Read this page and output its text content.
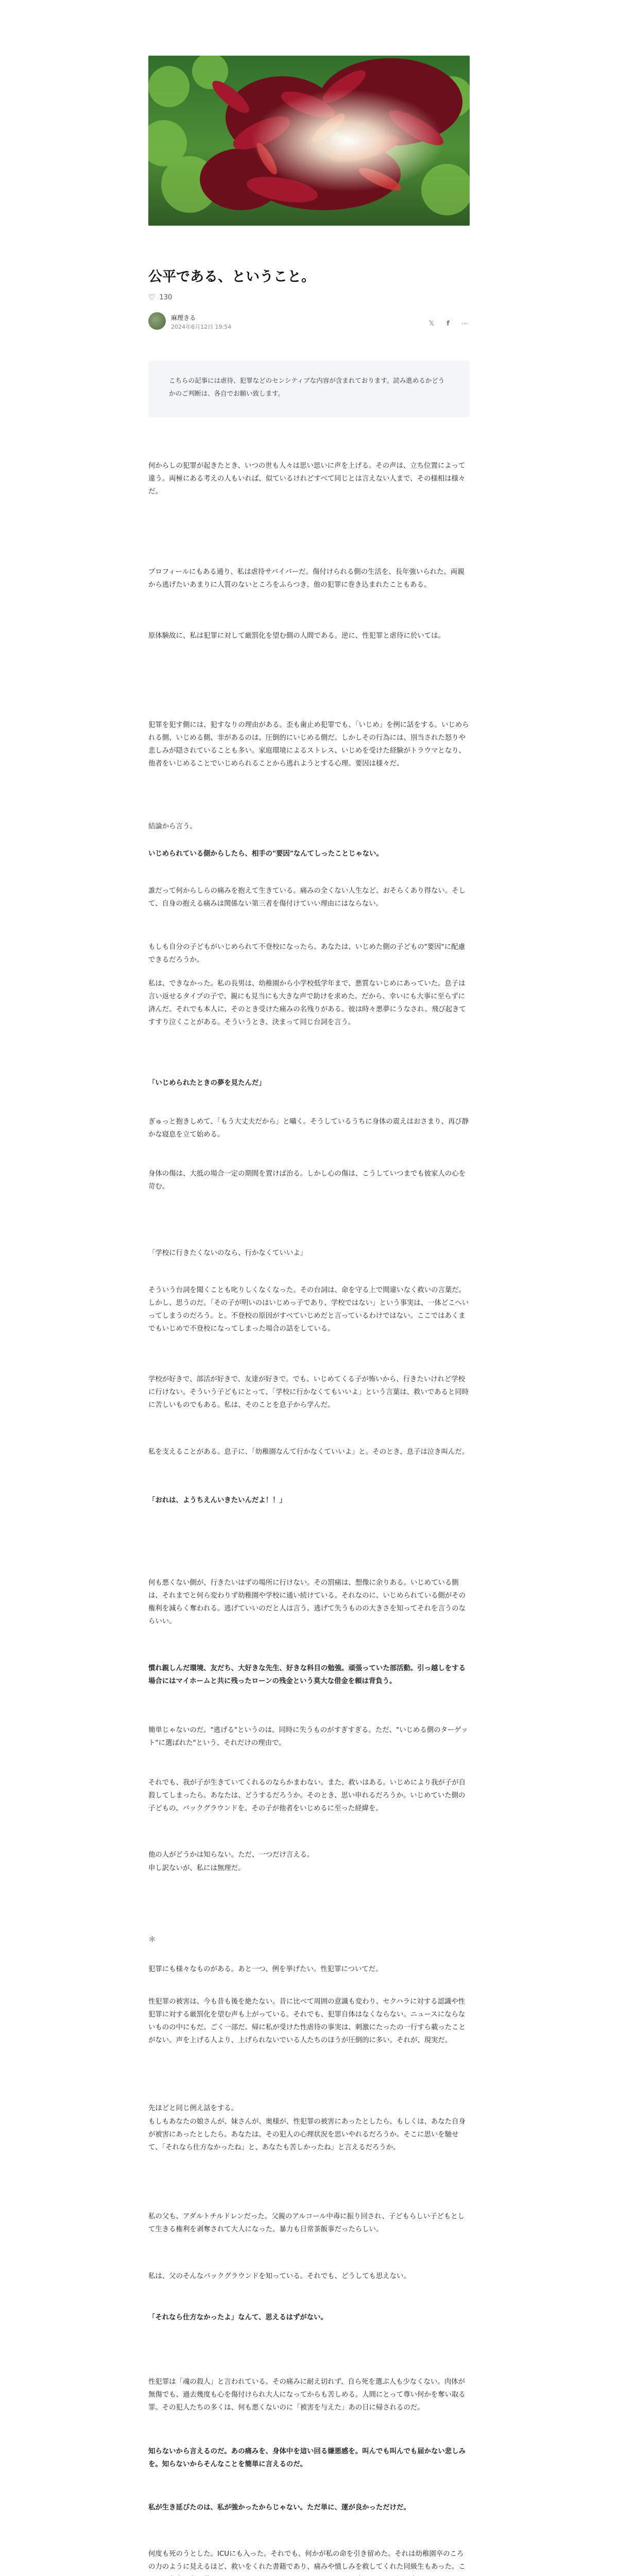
公平である、ということ。
♡ 130
麻理きる
2024年6月12日 19:54	𝕏	f	⋯
こちらの記事には虐待、犯罪などのセンシティブな内容が含まれております。読み進めるかどうかのご判断は、各自でお願い致します。

何からしの犯罪が起きたとき、いつの世も人々は思い思いに声を上げる。その声は、立ち位置によって違う。両極にある考えの人もいれば、似ているけれどすべて同じとは言えない人まで、その様相は様々だ。

プロフィールにもある通り、私は虐待サバイバーだ。傷付けられる側の生活を、長年強いられた。両親から逃げたいあまりに人質のないところをふらつき、他の犯罪に巻き込まれたこともある。

原体験故に、私は犯罪に対して厳罰化を望む側の人間である。逆に、性犯罪と虐待に於いては。

犯罪を犯す側には、犯すなりの理由がある。歪も歯止め犯罪でも、「いじめ」を例に話をする。いじめられる側、いじめる側、非があるのは、圧倒的にいじめる側だ。しかしその行為には、別当された怒りや悲しみが隠されていることも多い。家庭環境によるストレス、いじめを受けた経験がトラウマとなり、他者をいじめることでいじめられることから逃れようとする心理。要因は様々だ。

結論から言う。

いじめられている側からしたら、相手の"要因"なんてしったことじゃない。

誰だって何からしらの痛みを抱えて生きている。痛みの全くない人生など、おそらくあり得ない。そして、自身の抱える痛みは関係ない第三者を傷付けていい理由にはならない。

もしも自分の子どもがいじめられて不登校になったら。あなたは、いじめた側の子どもの"要因"に配慮できるだろうか。

私は、できなかった。私の長男は、幼稚園から小学校低学年まで、悪質ないじめにあっていた。息子は言い返せるタイプの子で、親にも見当にも大きな声で助けを求めた。だから、幸いにも大事に至らずに済んだ。それでも本人に、そのとき受けた痛みの名残りがある。彼は時々悪夢にうなされ、飛び起きてすすり泣くことがある。そういうとき、決まって同じ台詞を言う。

「いじめられたときの夢を見たんだ」

ぎゅっと抱きしめて、「もう大丈夫だから」と囁く。そうしているうちに身体の震えはおさまり、再び静かな寝息を立て始める。

身体の傷は、大抵の場合一定の期間を置けば治る。しかし心の傷は、こうしていつまでも彼家人の心を苛む。

「学校に行きたくないのなら、行かなくていいよ」

そういう台詞を聞くことも叱りしくなくなった。その台詞は、命を守る上で間違いなく救いの言葉だ。しかし、思うのだ。「その子が明いのはいじめっ子であり、学校ではない」という事実は、一体どこへいってしまうのだろう。と。不登校の原因がすべていじめだと言っているわけではない。ここではあくまでもいじめで不登校になってしまった場合の話をしている。

学校が好きで、部活が好きで、友達が好きで。でも、いじめてくる子が怖いから、行きたいけれど学校に行けない。そういう子どもにとって、「学校に行かなくてもいいよ」という言葉は、救いであると同時に苦しいものでもある。私は、そのことを息子から学んだ。

私を支えることがある。息子に、「幼稚園なんて行かなくていいよ」と。そのとき、息子は泣き叫んだ。

「おれは、ようちえんいきたいんだよ！！」

何も悪くない側が、行きたいはずの場所に行けない。その罰痛は、想像に余りある。いじめている側は、それまでと何ら変わりず幼稚園や学校に通い続けている。それなのに、いじめられている側がその権利を減らく奪われる。逃げていいのだと人は言う。逃げて失うものの大きさを知ってそれを言うのならいい。

慣れ親しんだ環境、友だち、大好きな先生、好きな科目の勉強。頑張っていた部活動。引っ越しをする場合にはマイホームと共に残ったローンの残金という莫大な借金を頼は背負う。

簡単じゃないのだ。"逃げる"というのは。同時に失うものがすぎすぎる。ただ、"いじめる側のターゲット"に選ばれた"という、それだけの理由で。

それでも、我が子が生きていてくれるのならかまわない。また、救いはある。いじめにより我が子が自殺してしまったら。あなたは、どうするだろうか。そのとき、思い申れるだろうか。いじめていた側の子どもの、バックグラウンドを。その子が他者をいじめるに至った経緯を。

他の人がどうかは知らない。ただ、一つだけ言える。

申し訳ないが、私には無理だ。

＊

犯罪にも様々なものがある。あと一つ、例を挙げたい。性犯罪についてだ。

性犯罪の被害は、今も昔も後を絶たない。昔に比べて周囲の意識も変わり、セクハラに対する認識や性犯罪に対する厳罰化を望む声も上がっている。それでも、犯罪自体はなくならない。ニュースにならないものの中にもだ。ごく一部だ。帰に私が受けた性虐待の事実は、刺激にたったの一行すら載ったことがない。声を上げる人より、上げられないでいる人たちのほうが圧倒的に多い。それが、現実だ。

先ほどと同じ例え話をする。

もしもあなたの娘さんが、妹さんが、奥様が、性犯罪の被害にあったとしたら。もしくは、あなた自身が被害にあったとしたら。あなたは、その犯人の心理状況を思いやれるだろうか。そこに思いを馳せて、「それなら仕方なかったね」と、あなたも苦しかったね」と言えるだろうか。

私の父も、アダルトチルドレンだった。父親のアルコール中毒に振り回され、子どもらしい子どもとして生きる権利を剥奪されて大人になった。暴力も日常茶飯事だったらしい。

私は、父のそんなバックグラウンドを知っている。それでも、どうしても思えない。

「それなら仕方なかったよ」なんて、思えるはずがない。

性犯罪は「魂の殺人」と言われている。その痛みに耐え切れず、自ら死を選ぶ人も少なくない。肉体が無傷でも、過去幾度も心を傷付けられ大人になってからも苦しめる。人間にとって尊い何かを奪い取る罪。その犯人たちの多くは、何も悪くないのに「被害を与えた」あの日に帰されるのだ。

知らないから言えるのだ。あの痛みを、身体中を這い回る嫌悪感を。叫んでも叫んでも届かない悲しみを。知らないからそんなことを簡単に言えるのだ。

私が生き延びたのは、私が強かったからじゃない。ただ単に、運が良かっただけだ。

何度も死のうとした。ICUにも入った。それでも、何かが私の命を引き留めた。それは幼稚園卒のころの力のように見えるほど、救いをくれた書籍であり、痛みや憤しみを救してくれた同級生もあった。こ
